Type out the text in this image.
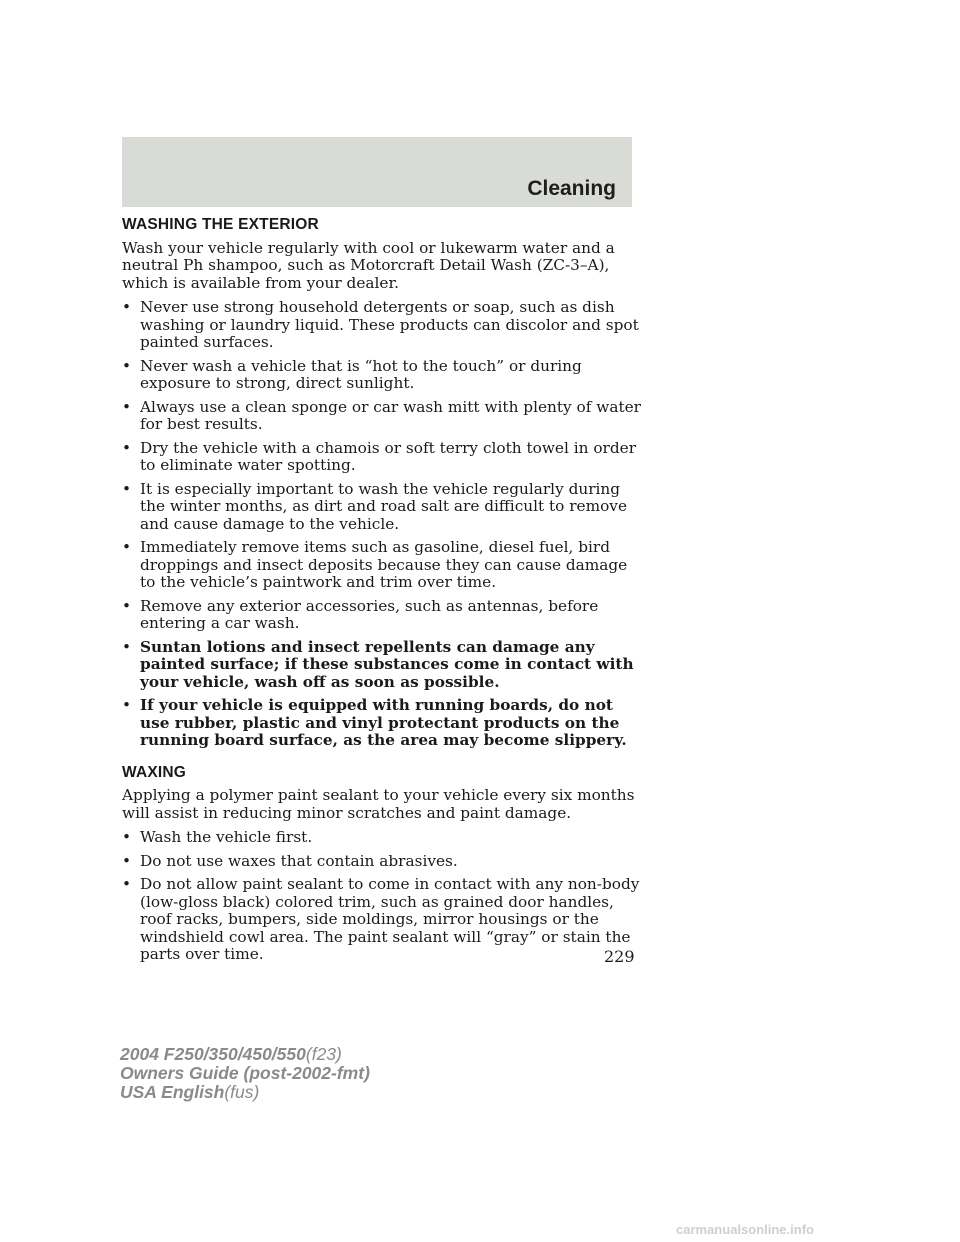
Cleaning
WASHING THE EXTERIOR

Wash your vehicle regularly with cool or lukewarm water and a neutral Ph shampoo, such as Motorcraft Detail Wash (ZC-3–A), which is available from your dealer.

• Never use strong household detergents or soap, such as dish washing or laundry liquid. These products can discolor and spot painted surfaces.
• Never wash a vehicle that is “hot to the touch” or during exposure to strong, direct sunlight.
• Always use a clean sponge or car wash mitt with plenty of water for best results.
• Dry the vehicle with a chamois or soft terry cloth towel in order to eliminate water spotting.
• It is especially important to wash the vehicle regularly during the winter months, as dirt and road salt are difficult to remove and cause damage to the vehicle.
• Immediately remove items such as gasoline, diesel fuel, bird droppings and insect deposits because they can cause damage to the vehicle’s paintwork and trim over time.
• Remove any exterior accessories, such as antennas, before entering a car wash.
• Suntan lotions and insect repellents can damage any painted surface; if these substances come in contact with your vehicle, wash off as soon as possible.
• If your vehicle is equipped with running boards, do not use rubber, plastic and vinyl protectant products on the running board surface, as the area may become slippery.
WAXING

Applying a polymer paint sealant to your vehicle every six months will assist in reducing minor scratches and paint damage.

• Wash the vehicle first.
• Do not use waxes that contain abrasives.
• Do not allow paint sealant to come in contact with any non-body (low-gloss black) colored trim, such as grained door handles, roof racks, bumpers, side moldings, mirror housings or the windshield cowl area. The paint sealant will “gray” or stain the parts over time.	229
2004 F250/350/450/550(f23)
Owners Guide (post-2002-fmt)
USA English(fus)
carmanualsonline.info
